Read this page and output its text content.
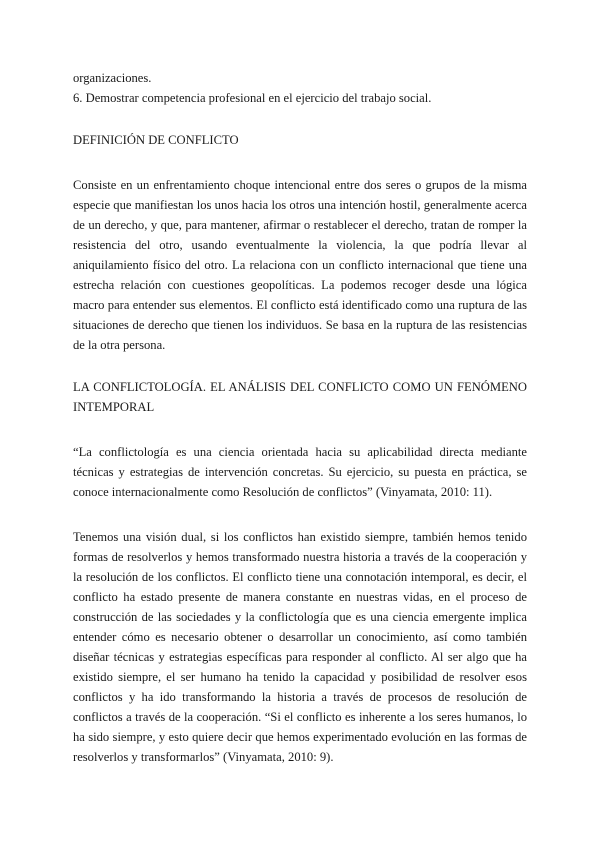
organizaciones.

6. Demostrar competencia profesional en el ejercicio del trabajo social.

DEFINICIÓN DE CONFLICTO

Consiste en un enfrentamiento choque intencional entre dos seres o grupos de la misma especie que manifiestan los unos hacia los otros una intención hostil, generalmente acerca de un derecho, y que, para mantener, afirmar o restablecer el derecho, tratan de romper la resistencia del otro, usando eventualmente la violencia, la que podría llevar al aniquilamiento físico del otro. La relaciona con un conflicto internacional que tiene una estrecha relación con cuestiones geopolíticas. La podemos recoger desde una lógica macro para entender sus elementos. El conflicto está identificado como una ruptura de las situaciones de derecho que tienen los individuos. Se basa en la ruptura de las resistencias de la otra persona.

LA CONFLICTOLOGÍA. EL ANÁLISIS DEL CONFLICTO COMO UN FENÓMENO INTEMPORAL

“La conflictología es una ciencia orientada hacia su aplicabilidad directa mediante técnicas y estrategias de intervención concretas. Su ejercicio, su puesta en práctica, se conoce internacionalmente como Resolución de conflictos” (Vinyamata, 2010: 11).

Tenemos una visión dual, si los conflictos han existido siempre, también hemos tenido formas de resolverlos y hemos transformado nuestra historia a través de la cooperación y la resolución de los conflictos. El conflicto tiene una connotación intemporal, es decir, el conflicto ha estado presente de manera constante en nuestras vidas, en el proceso de construcción de las sociedades y la conflictología que es una ciencia emergente implica entender cómo es necesario obtener o desarrollar un conocimiento, así como también diseñar técnicas y estrategias específicas para responder al conflicto. Al ser algo que ha existido siempre, el ser humano ha tenido la capacidad y posibilidad de resolver esos conflictos y ha ido transformando la historia a través de procesos de resolución de conflictos a través de la cooperación. “Si el conflicto es inherente a los seres humanos, lo ha sido siempre, y esto quiere decir que hemos experimentado evolución en las formas de resolverlos y transformarlos” (Vinyamata, 2010: 9).
